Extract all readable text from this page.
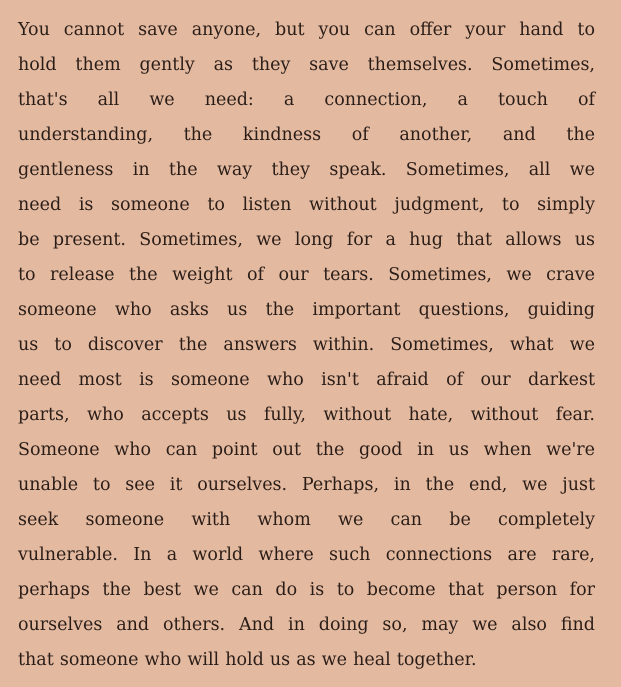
You cannot save anyone, but you can offer your hand to
hold them gently as they save themselves. Sometimes,
that's all we need: a connection, a touch of
understanding, the kindness of another, and the
gentleness in the way they speak. Sometimes, all we
need is someone to listen without judgment, to simply
be present. Sometimes, we long for a hug that allows us
to release the weight of our tears. Sometimes, we crave
someone who asks us the important questions, guiding
us to discover the answers within. Sometimes, what we
need most is someone who isn't afraid of our darkest
parts, who accepts us fully, without hate, without fear.
Someone who can point out the good in us when we're
unable to see it ourselves. Perhaps, in the end, we just
seek someone with whom we can be completely
vulnerable. In a world where such connections are rare,
perhaps the best we can do is to become that person for
ourselves and others. And in doing so, may we also find
that someone who will hold us as we heal together.
